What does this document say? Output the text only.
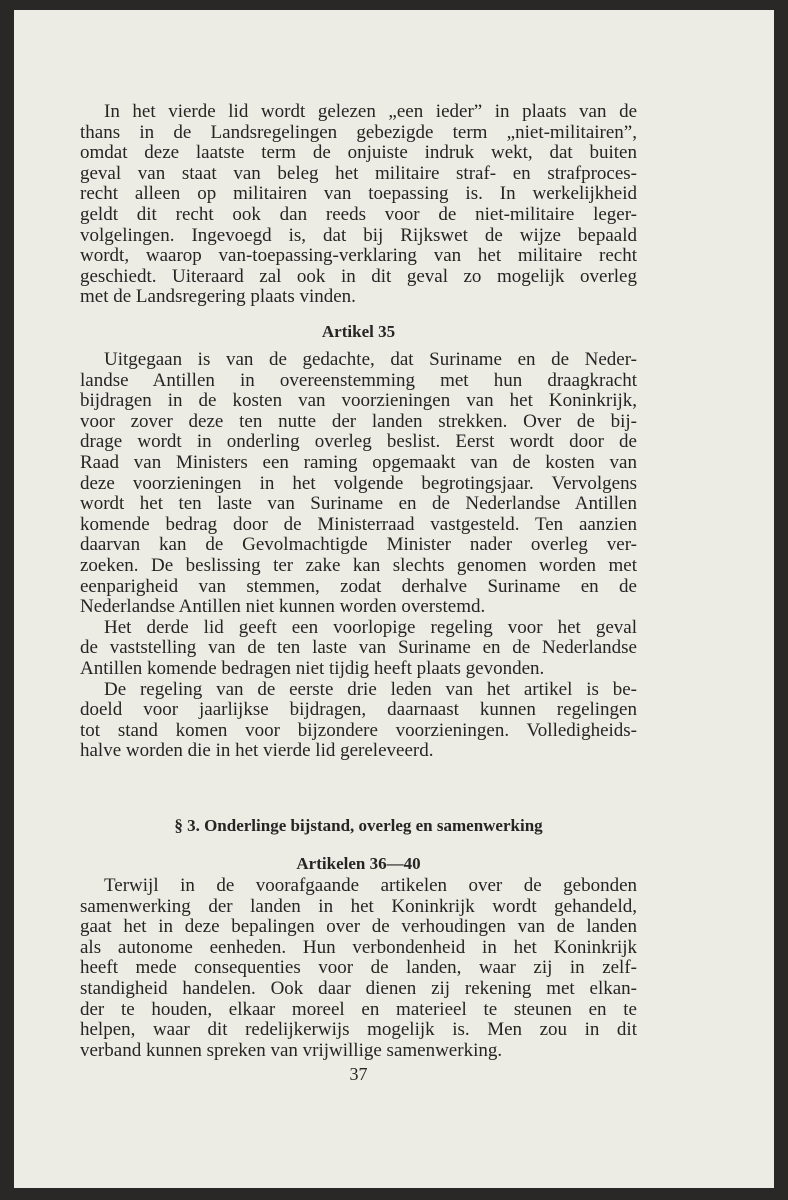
In het vierde lid wordt gelezen „een ieder” in plaats van de
thans in de Landsregelingen gebezigde term „niet-militairen”,
omdat deze laatste term de onjuiste indruk wekt, dat buiten
geval van staat van beleg het militaire straf- en strafproces-
recht alleen op militairen van toepassing is. In werkelijkheid
geldt dit recht ook dan reeds voor de niet-militaire leger-
volgelingen. Ingevoegd is, dat bij Rijkswet de wijze bepaald
wordt, waarop van-toepassing-verklaring van het militaire recht
geschiedt. Uiteraard zal ook in dit geval zo mogelijk overleg
met de Landsregering plaats vinden.
Artikel 35
Uitgegaan is van de gedachte, dat Suriname en de Neder-
landse Antillen in overeenstemming met hun draagkracht
bijdragen in de kosten van voorzieningen van het Koninkrijk,
voor zover deze ten nutte der landen strekken. Over de bij-
drage wordt in onderling overleg beslist. Eerst wordt door de
Raad van Ministers een raming opgemaakt van de kosten van
deze voorzieningen in het volgende begrotingsjaar. Vervolgens
wordt het ten laste van Suriname en de Nederlandse Antillen
komende bedrag door de Ministerraad vastgesteld. Ten aanzien
daarvan kan de Gevolmachtigde Minister nader overleg ver-
zoeken. De beslissing ter zake kan slechts genomen worden met
eenparigheid van stemmen, zodat derhalve Suriname en de
Nederlandse Antillen niet kunnen worden overstemd.
Het derde lid geeft een voorlopige regeling voor het geval
de vaststelling van de ten laste van Suriname en de Nederlandse
Antillen komende bedragen niet tijdig heeft plaats gevonden.
De regeling van de eerste drie leden van het artikel is be-
doeld voor jaarlijkse bijdragen, daarnaast kunnen regelingen
tot stand komen voor bijzondere voorzieningen. Volledigheids-
halve worden die in het vierde lid gereleveerd.
§ 3. Onderlinge bijstand, overleg en samenwerking
Artikelen 36—40
Terwijl in de voorafgaande artikelen over de gebonden
samenwerking der landen in het Koninkrijk wordt gehandeld,
gaat het in deze bepalingen over de verhoudingen van de landen
als autonome eenheden. Hun verbondenheid in het Koninkrijk
heeft mede consequenties voor de landen, waar zij in zelf-
standigheid handelen. Ook daar dienen zij rekening met elkan-
der te houden, elkaar moreel en materieel te steunen en te
helpen, waar dit redelijkerwijs mogelijk is. Men zou in dit
verband kunnen spreken van vrijwillige samenwerking.
37
